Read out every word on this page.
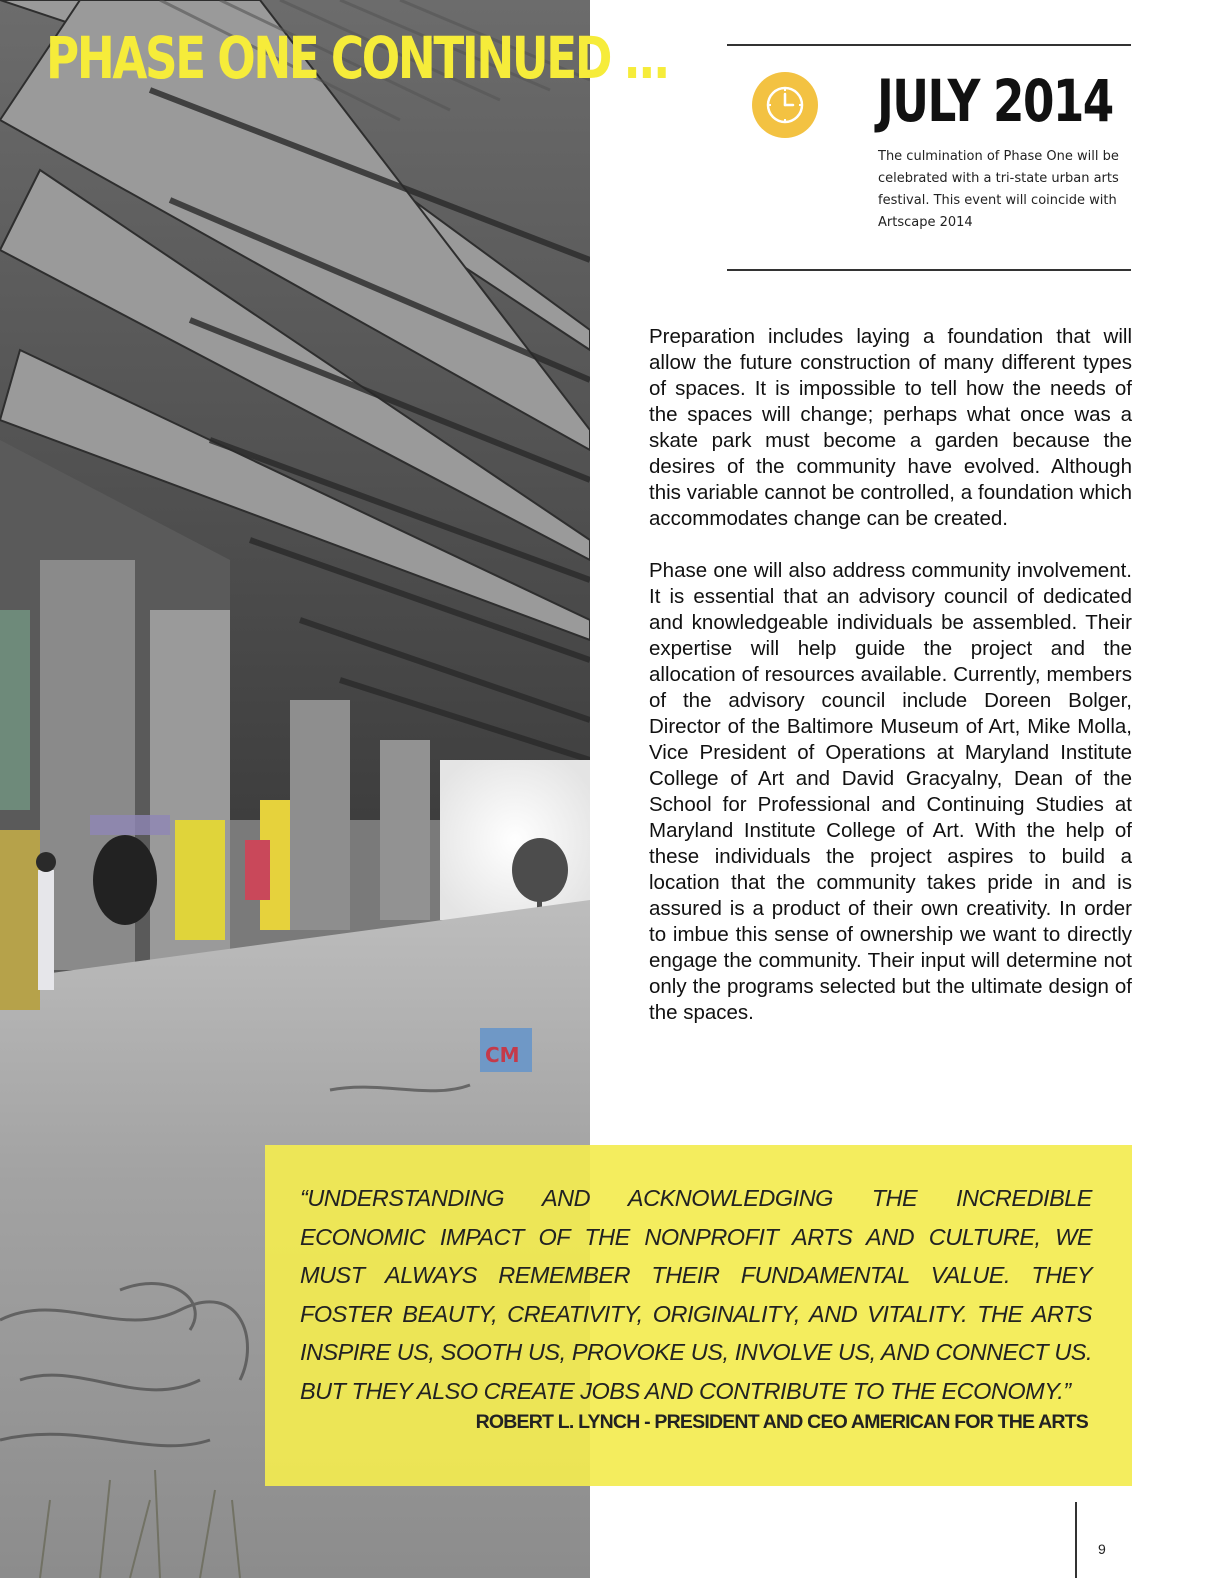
CM
PHASE ONE CONTINUED ...
JULY 2014

The culmination of Phase One will be celebrated with a tri-state urban arts festival. This event will coincide with Artscape 2014

Preparation includes laying a foundation that will allow the future construction of many different types of spaces. It is impossible to tell how the needs of the spaces will change; perhaps what once was a skate park must become a garden because the desires of the community have evolved. Although this variable cannot be controlled, a foundation which accommodates change can be created.

Phase one will also address community involvement. It is essential that an advisory council of dedicated and knowledgeable individuals be assembled. Their expertise will help guide the project and the allocation of resources available. Currently, members of the advisory council include Doreen Bolger, Director of the Baltimore Museum of Art, Mike Molla, Vice President of Operations at Maryland Institute College of Art and David Gracyalny, Dean of the School for Professional and Continuing Studies at Maryland Institute College of Art. With the help of these individuals the project aspires to build a location that the community takes pride in and is assured is a product of their own creativity. In order to imbue this sense of ownership we want to directly engage the community. Their input will determine not only the programs selected but the ultimate design of the spaces.

“UNDERSTANDING AND ACKNOWLEDGING THE INCREDIBLE ECONOMIC IMPACT OF THE NONPROFIT ARTS AND CULTURE, WE MUST ALWAYS REMEMBER THEIR FUNDAMENTAL VALUE. THEY FOSTER BEAUTY, CREATIVITY, ORIGINALITY, AND VITALITY. THE ARTS INSPIRE US, SOOTH US, PROVOKE US, INVOLVE US, AND CONNECT US. BUT THEY ALSO CREATE JOBS AND CONTRIBUTE TO THE ECONOMY.”

ROBERT L. LYNCH - PRESIDENT AND CEO AMERICAN FOR THE ARTS

9
